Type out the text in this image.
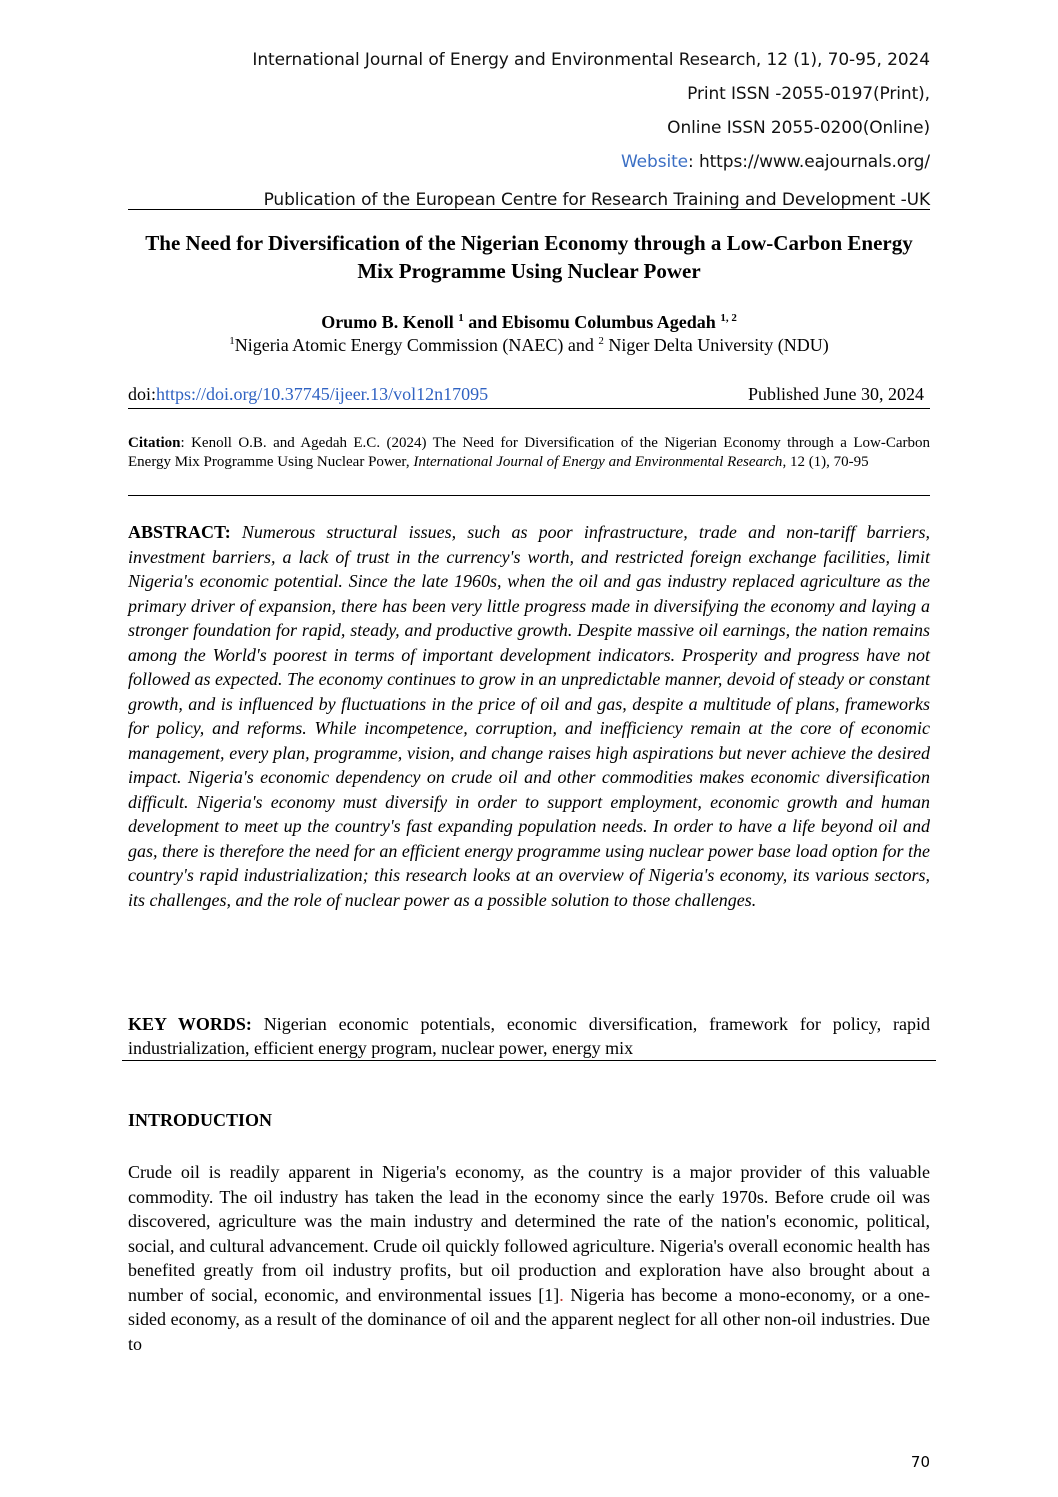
International Journal of Energy and Environmental Research, 12 (1), 70-95, 2024
Print ISSN -2055-0197(Print),
Online ISSN 2055-0200(Online)
Website: https://www.eajournals.org/
Publication of the European Centre for Research Training and Development -UK
The Need for Diversification of the Nigerian Economy through a Low-Carbon Energy Mix Programme Using Nuclear Power
Orumo B. Kenoll $^1$ and Ebisomu Columbus Agedah $^{1, 2}$
$^1$Nigeria Atomic Energy Commission (NAEC) and $^2$ Niger Delta University (NDU)
doi:https://doi.org/10.37745/ijeer.13/vol12n17095	Published June 30, 2024
Citation: Kenoll O.B. and Agedah E.C. (2024) The Need for Diversification of the Nigerian Economy through a Low-Carbon Energy Mix Programme Using Nuclear Power, International Journal of Energy and Environmental Research, 12 (1), 70-95
ABSTRACT: Numerous structural issues, such as poor infrastructure, trade and non-tariff barriers, investment barriers, a lack of trust in the currency's worth, and restricted foreign exchange facilities, limit Nigeria's economic potential. Since the late 1960s, when the oil and gas industry replaced agriculture as the primary driver of expansion, there has been very little progress made in diversifying the economy and laying a stronger foundation for rapid, steady, and productive growth. Despite massive oil earnings, the nation remains among the World's poorest in terms of important development indicators. Prosperity and progress have not followed as expected. The economy continues to grow in an unpredictable manner, devoid of steady or constant growth, and is influenced by fluctuations in the price of oil and gas, despite a multitude of plans, frameworks for policy, and reforms. While incompetence, corruption, and inefficiency remain at the core of economic management, every plan, programme, vision, and change raises high aspirations but never achieve the desired impact. Nigeria's economic dependency on crude oil and other commodities makes economic diversification difficult. Nigeria's economy must diversify in order to support employment, economic growth and human development to meet up the country's fast expanding population needs. In order to have a life beyond oil and gas, there is therefore the need for an efficient energy programme using nuclear power base load option for the country's rapid industrialization; this research looks at an overview of Nigeria's economy, its various sectors, its challenges, and the role of nuclear power as a possible solution to those challenges.
KEY WORDS: Nigerian economic potentials, economic diversification, framework for policy, rapid industrialization, efficient energy program, nuclear power, energy mix
INTRODUCTION
Crude oil is readily apparent in Nigeria's economy, as the country is a major provider of this valuable commodity. The oil industry has taken the lead in the economy since the early 1970s. Before crude oil was discovered, agriculture was the main industry and determined the rate of the nation's economic, political, social, and cultural advancement. Crude oil quickly followed agriculture. Nigeria's overall economic health has benefited greatly from oil industry profits, but oil production and exploration have also brought about a number of social, economic, and environmental issues [1]. Nigeria has become a mono-economy, or a one-sided economy, as a result of the dominance of oil and the apparent neglect for all other non-oil industries. Due to
70
